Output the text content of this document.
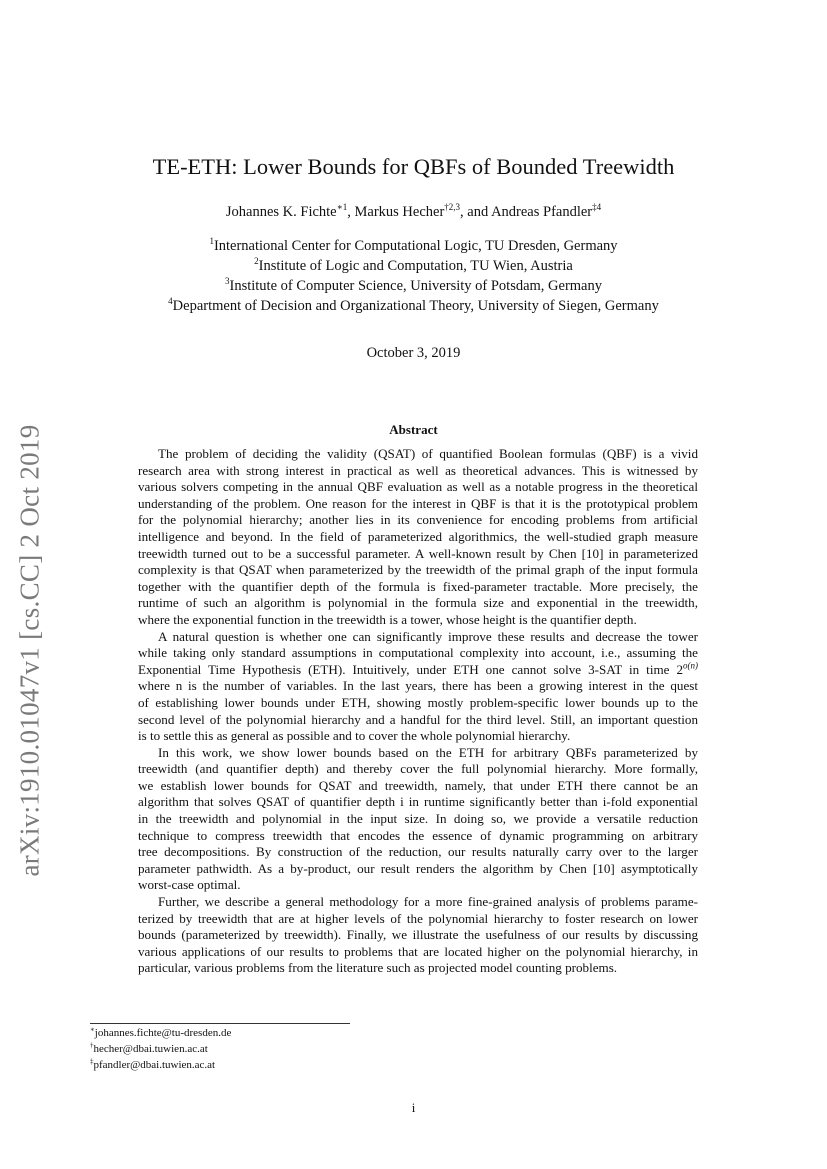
arXiv:1910.01047v1 [cs.CC] 2 Oct 2019
TE-ETH: Lower Bounds for QBFs of Bounded Treewidth
Johannes K. Fichte$^{∗1}$, Markus Hecher$^{\dagger 2,3}$, and Andreas Pfandler$^{\ddagger 4}$
$^1$International Center for Computational Logic, TU Dresden, Germany
$^2$Institute of Logic and Computation, TU Wien, Austria
$^3$Institute of Computer Science, University of Potsdam, Germany
$^4$Department of Decision and Organizational Theory, University of Siegen, Germany
October 3, 2019
Abstract
The problem of deciding the validity (QSAT) of quantified Boolean formulas (QBF) is a vivid
research area with strong interest in practical as well as theoretical advances. This is witnessed by
various solvers competing in the annual QBF evaluation as well as a notable progress in the theoretical
understanding of the problem. One reason for the interest in QBF is that it is the prototypical problem
for the polynomial hierarchy; another lies in its convenience for encoding problems from artificial
intelligence and beyond. In the field of parameterized algorithmics, the well-studied graph measure
treewidth turned out to be a successful parameter. A well-known result by Chen [10] in parameterized
complexity is that QSAT when parameterized by the treewidth of the primal graph of the input formula
together with the quantifier depth of the formula is fixed-parameter tractable. More precisely, the
runtime of such an algorithm is polynomial in the formula size and exponential in the treewidth,
where the exponential function in the treewidth is a tower, whose height is the quantifier depth.
A natural question is whether one can significantly improve these results and decrease the tower
while taking only standard assumptions in computational complexity into account, i.e., assuming the
Exponential Time Hypothesis (ETH). Intuitively, under ETH one cannot solve 3-SAT in time $2^{o(n)}$
where n is the number of variables. In the last years, there has been a growing interest in the quest
of establishing lower bounds under ETH, showing mostly problem-specific lower bounds up to the
second level of the polynomial hierarchy and a handful for the third level. Still, an important question
is to settle this as general as possible and to cover the whole polynomial hierarchy.
In this work, we show lower bounds based on the ETH for arbitrary QBFs parameterized by
treewidth (and quantifier depth) and thereby cover the full polynomial hierarchy. More formally,
we establish lower bounds for QSAT and treewidth, namely, that under ETH there cannot be an
algorithm that solves QSAT of quantifier depth i in runtime significantly better than i-fold exponential
in the treewidth and polynomial in the input size. In doing so, we provide a versatile reduction
technique to compress treewidth that encodes the essence of dynamic programming on arbitrary
tree decompositions. By construction of the reduction, our results naturally carry over to the larger
parameter pathwidth. As a by-product, our result renders the algorithm by Chen [10] asymptotically
worst-case optimal.
Further, we describe a general methodology for a more fine-grained analysis of problems parame-
terized by treewidth that are at higher levels of the polynomial hierarchy to foster research on lower
bounds (parameterized by treewidth). Finally, we illustrate the usefulness of our results by discussing
various applications of our results to problems that are located higher on the polynomial hierarchy, in
particular, various problems from the literature such as projected model counting problems.
∗johannes.fichte@tu-dresden.de
†hecher@dbai.tuwien.ac.at
‡pfandler@dbai.tuwien.ac.at
i
